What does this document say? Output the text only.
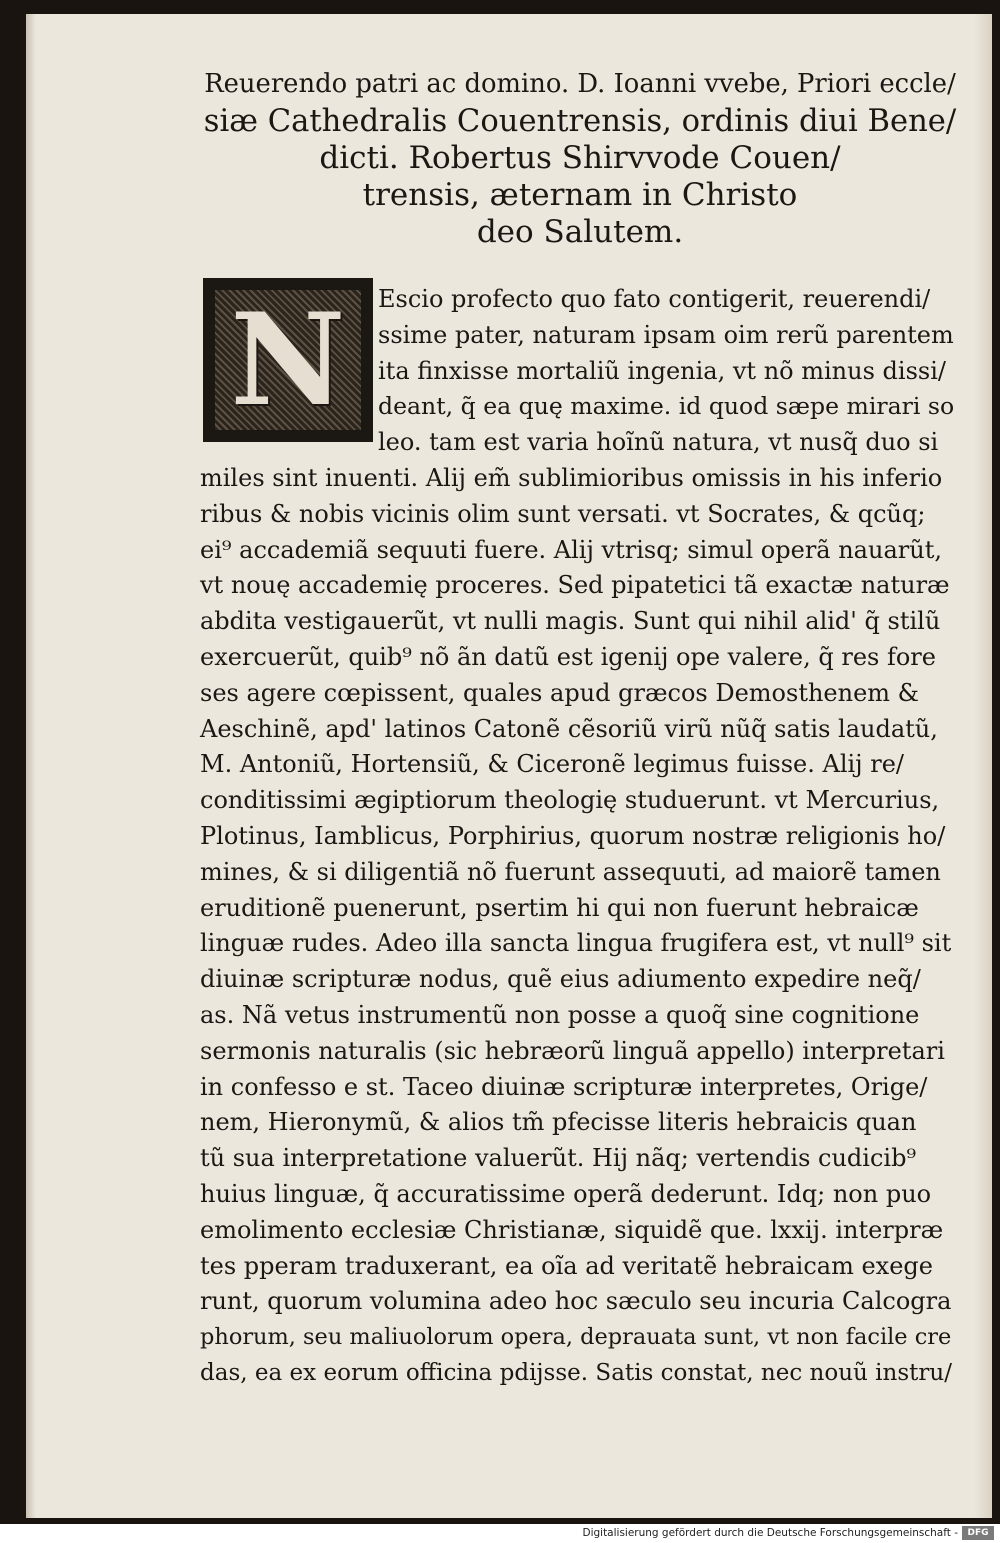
Reuerendo patri ac domino. D. Ioanni vvebe, Priori eccle/
siæ Cathedralis Couentrensis, ordinis diui Bene/
dicti. Robertus Shirvvode Couen/
trensis, æternam in Christo
deo Salutem.
N	Escio profecto quo fato contigerit, reuerendi/
ssime pater, naturam ipsam oim rerũ parentem
ita finxisse mortaliũ ingenia, vt nõ minus dissi/
deant, q̃ ea quę maxime. id quod sæpe mirari so
leo. tam est varia hoĩnũ natura, vt nusq̃ duo si
miles sint inuenti. Alij em̃ sublimioribus omissis in his inferio
ribus & nobis vicinis olim sunt versati. vt Socrates, & qcũq;
ei⁹ accademiã sequuti fuere. Alij vtrisq; simul operã nauarũt,
vt nouę accademię proceres. Sed pipatetici tã exactæ naturæ
abdita vestigauerũt, vt nulli magis. Sunt qui nihil alid' q̃ stilũ
exercuerũt, quib⁹ nõ ãn datũ est igenij ope valere, q̃ res fore
ses agere cœpissent, quales apud græcos Demosthenem &
Aeschinẽ, apd' latinos Catonẽ cẽsoriũ virũ nũq̃ satis laudatũ,
M. Antoniũ, Hortensiũ, & Ciceronẽ legimus fuisse. Alij re/
conditissimi ægiptiorum theologię studuerunt. vt Mercurius,
Plotinus, Iamblicus, Porphirius, quorum nostræ religionis ho/
mines, & si diligentiã nõ fuerunt assequuti, ad maiorẽ tamen
eruditionẽ puenerunt, psertim hi qui non fuerunt hebraicæ
linguæ rudes. Adeo illa sancta lingua frugifera est, vt null⁹ sit
diuinæ scripturæ nodus, quẽ eius adiumento expedire neq̃/
as. Nã vetus instrumentũ non posse a quoq̃ sine cognitione
sermonis naturalis (sic hebræorũ linguã appello) interpretari
in confesso e st. Taceo diuinæ scripturæ interpretes, Orige/
nem, Hieronymũ, & alios tm̃ pfecisse literis hebraicis quan
tũ sua interpretatione valuerũt. Hij nãq; vertendis cudicib⁹
huius linguæ, q̃ accuratissime operã dederunt. Idq; non puo
emolimento ecclesiæ Christianæ, siquidẽ que. lxxij. interpræ
tes pperam traduxerant, ea oĩa ad veritatẽ hebraicam exege
runt, quorum volumina adeo hoc sæculo seu incuria Calcogra
phorum, seu maliuolorum opera, deprauata sunt, vt non facile cre
das, ea ex eorum officina pdijsse. Satis constat, nec nouũ instru/
Digitalisierung gefördert durch die Deutsche Forschungsgemeinschaft -	DFG
